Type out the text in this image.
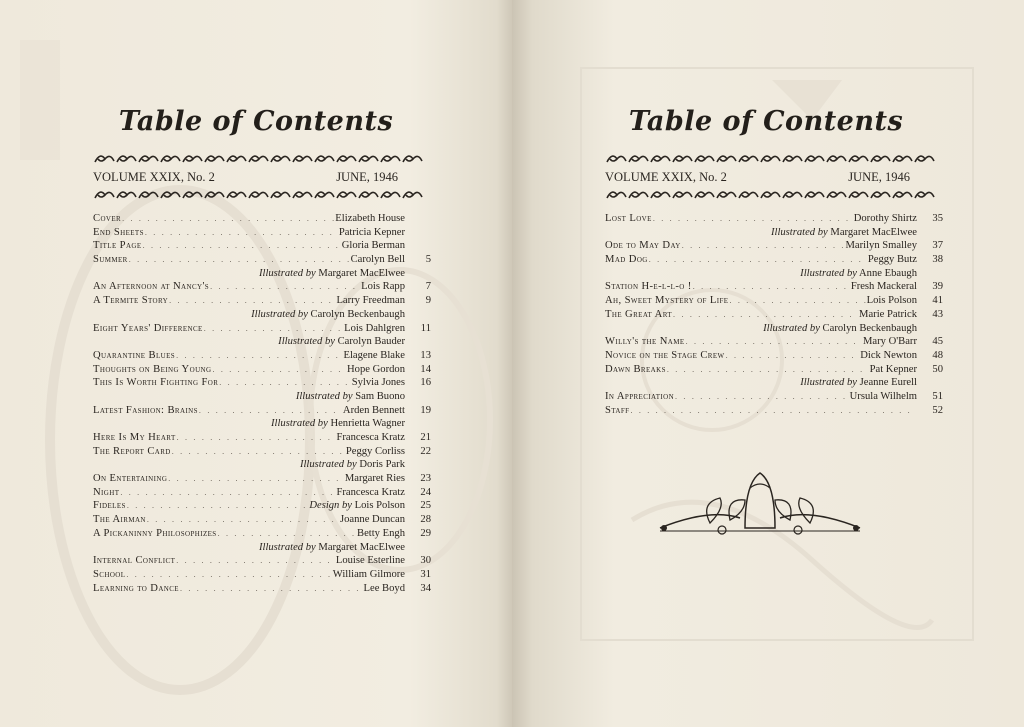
Table of Contents
VOLUME XXIX, No. 2	JUNE, 1946
Cover . . .	Elizabeth House
End Sheets . . .	Patricia Kepner
Title Page . . .	Gloria Berman
Summer . . .	Carolyn Bell	5
Illustrated by Margaret MacElwee
An Afternoon at Nancy's . . .	Lois Rapp	7
A Termite Story . . .	Larry Freedman	9
Illustrated by Carolyn Beckenbaugh
Eight Years' Difference . . .	Lois Dahlgren	11
Illustrated by Carolyn Bauder
Quarantine Blues . . .	Elagene Blake	13
Thoughts on Being Young . . .	Hope Gordon	14
This Is Worth Fighting For . . .	Sylvia Jones	16
Illustrated by Sam Buono
Latest Fashion: Brains . . .	Arden Bennett	19
Illustrated by Henrietta Wagner
Here Is My Heart . . .	Francesca Kratz	21
The Report Card . . .	Peggy Corliss	22
Illustrated by Doris Park
On Entertaining . . .	Margaret Ries	23
Night . . .	Francesca Kratz	24
Fideles . . .	Design by Lois Polson	25
The Airman . . .	Joanne Duncan	28
A Pickaninny Philosophizes . . .	Betty Engh	29
Illustrated by Margaret MacElwee
Internal Conflict . . .	Louise Esterline	30
School . . .	William Gilmore	31
Learning to Dance . . .	Lee Boyd	34
Table of Contents
VOLUME XXIX, No. 2	JUNE, 1946
Lost Love . . .	Dorothy Shirtz	35
Illustrated by Margaret MacElwee
Ode to May Day . . .	Marilyn Smalley	37
Mad Dog . . .	Peggy Butz	38
Illustrated by Anne Ebaugh
Station H-e-l-l-o ! . . .	Fresh Mackeral	39
Ah, Sweet Mystery of Life . . .	Lois Polson	41
The Great Art . . .	Marie Patrick	43
Illustrated by Carolyn Beckenbaugh
Willy's the Name . . .	Mary O'Barr	45
Novice on the Stage Crew . . .	Dick Newton	48
Dawn Breaks . . .	Pat Kepner	50
Illustrated by Jeanne Eurell
In Appreciation . . .	Ursula Wilhelm	51
Staff . . .	52
